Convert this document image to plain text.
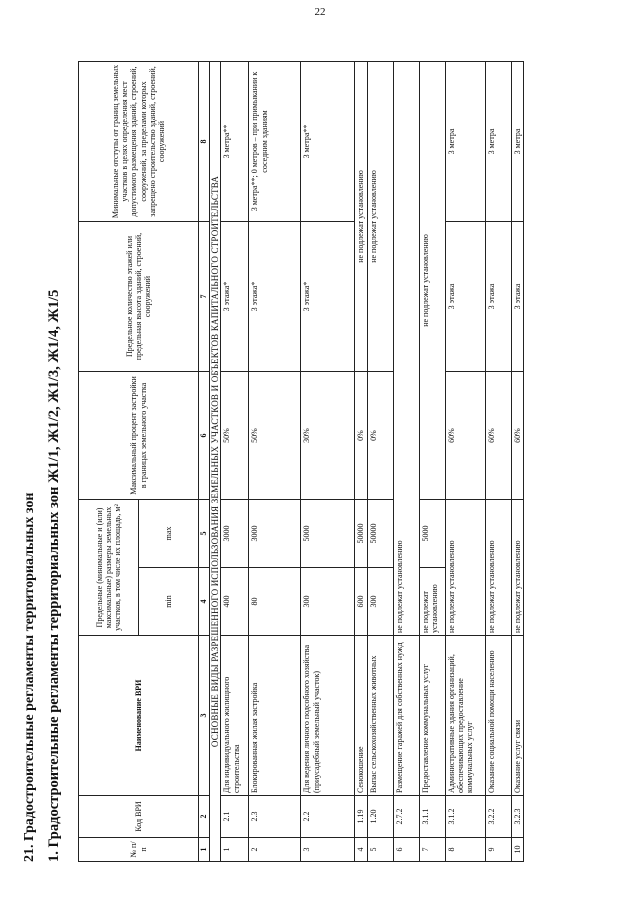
22
21. Градостроительные регламенты территориальных зон 1. Градостроительные регламенты территориальных зон Ж1/1, Ж1/2, Ж1/3, Ж1/4, Ж1/5	№ п/п	Код ВРИ	Наименование ВРИ	Предельные (минимальные и (или) максимальные) размеры земельных участков, в том числе их площадь, м²		Максимальный процент застройки в границах земельного участка	Предельное количество этажей или предельная высота зданий, строений, сооружений	Минимальные отступы от границ земельных участков в целях определения мест допустимого размещения зданий, строений, сооружений, за пределами которых запрещено строительство зданий, строений, сооружений
			min	max			
1	2	3	4	5	6	7	8
ОСНОВНЫЕ ВИДЫ РАЗРЕШЕННОГО ИСПОЛЬЗОВАНИЯ ЗЕМЕЛЬНЫХ УЧАСТКОВ И ОБЪЕКТОВ КАПИТАЛЬНОГО СТРОИТЕЛЬСТВА							
1	2.1	Для индивидуального жилищного строительства	400	3000	50%	3 этажа*	3 метра**
2	2.3	Блокированная жилая застройка	80	3000	50%	3 этажа*	3 метра**; 0 метров – при примыкании к соседним зданиям
3	2.2	Для ведения личного подсобного хозяйства (приусадебный земельный участок)	300	5000	30%	3 этажа*	3 метра**
4	1.19	Сенокошение	600	50000	0%	не подлежат установлению	
5	1.20	Выпас сельскохозяйственных животных	300	50000	0%	не подлежат установлению	
6	2.7.2	Размещение гаражей для собственных нужд	не подлежат установлению				
7	3.1.1	Предоставление коммунальных услуг	не подлежат установлению	5000	не подлежат установлению		
8	3.1.2	Административные здания организаций, обеспечивающих предоставление коммунальных услуг	не подлежат установлению		60%	3 этажа	3 метра
9	3.2.2	Оказание социальной помощи населению	не подлежат установлению		60%	3 этажа	3 метра
10	3.2.3	Оказание услуг связи	не подлежат установлению		60%	3 этажа	3 метра
